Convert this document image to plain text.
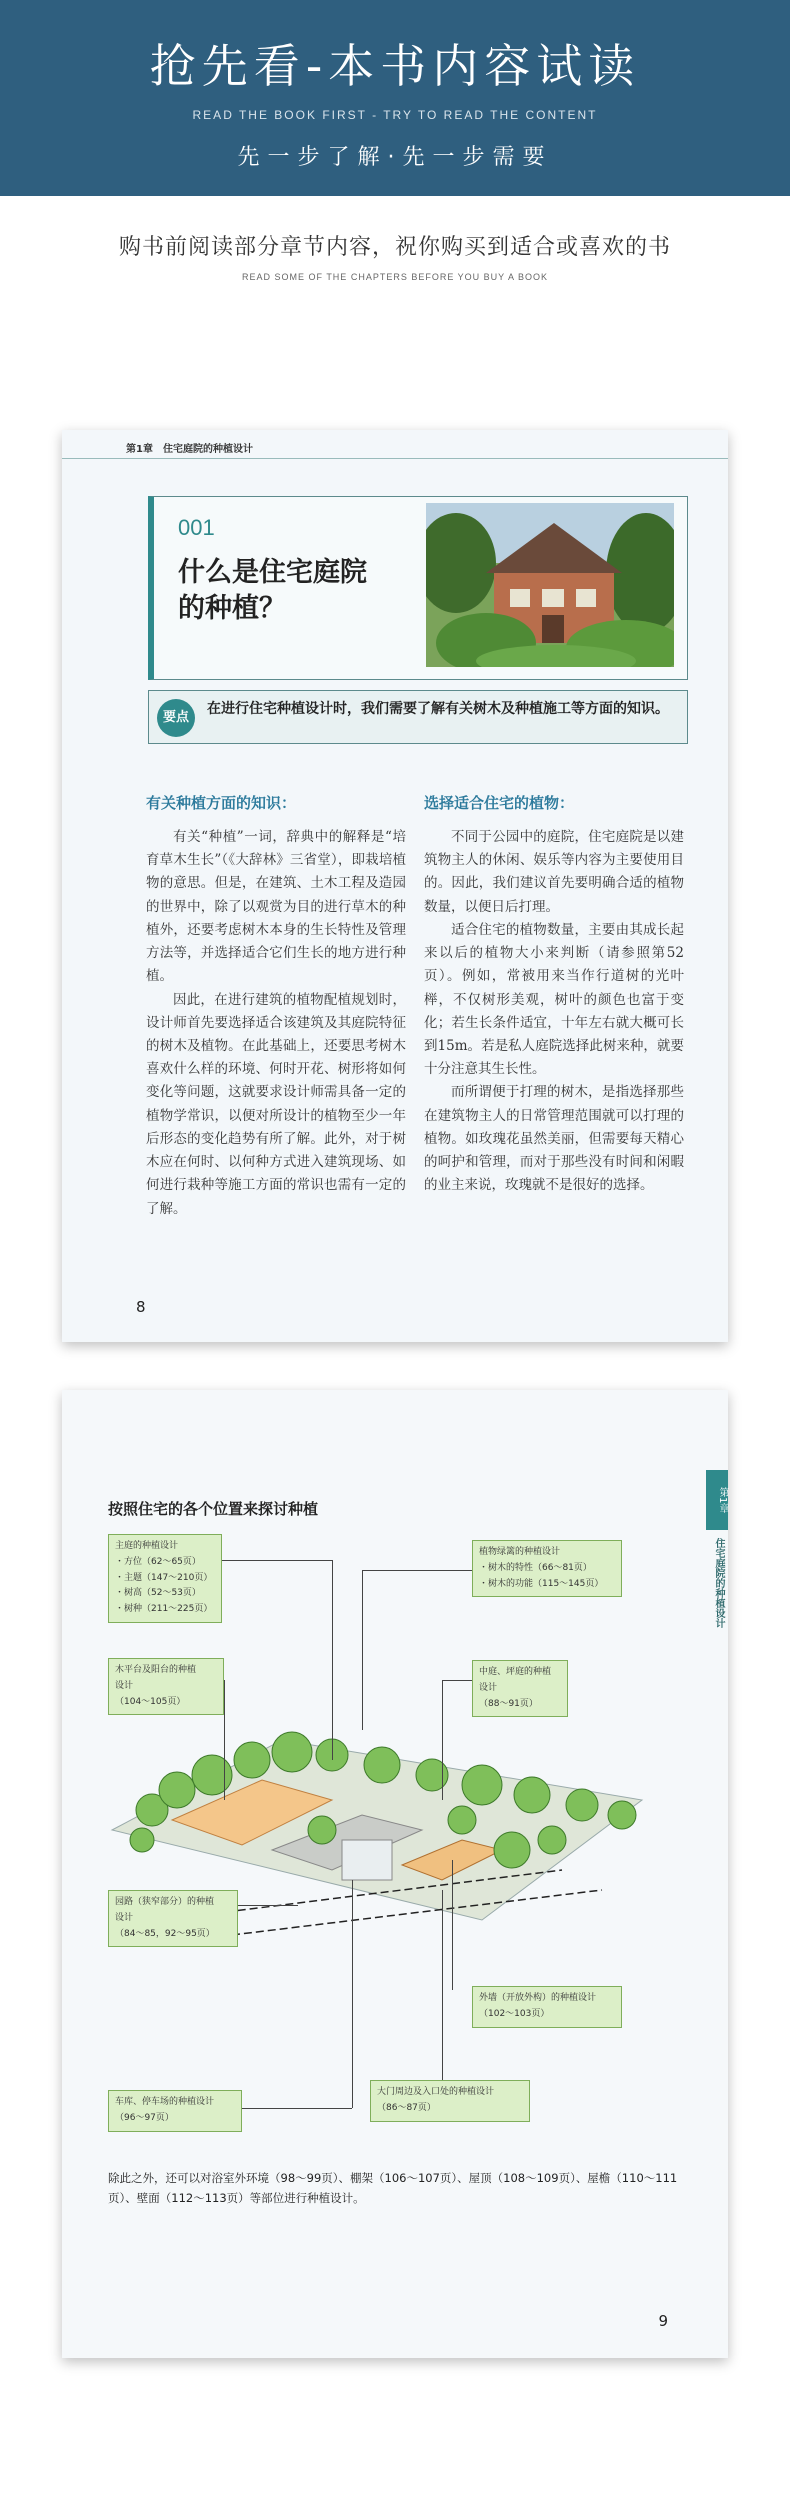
抢先看-本书内容试读
READ THE BOOK FIRST - TRY TO READ THE CONTENT
先一步了解·先一步需要
购书前阅读部分章节内容，祝你购买到适合或喜欢的书
READ SOME OF THE CHAPTERS BEFORE YOU BUY A BOOK
第1章　住宅庭院的种植设计
001
什么是住宅庭院
的种植？
要点
在进行住宅种植设计时，我们需要了解有关树木及种植施工等方面的知识。
有关种植方面的知识：

有关“种植”一词，辞典中的解释是“培育草木生长”（《大辞林》三省堂），即栽培植物的意思。但是，在建筑、土木工程及造园的世界中，除了以观赏为目的进行草木的种植外，还要考虑树木本身的生长特性及管理方法等，并选择适合它们生长的地方进行种植。

因此，在进行建筑的植物配植规划时，设计师首先要选择适合该建筑及其庭院特征的树木及植物。在此基础上，还要思考树木喜欢什么样的环境、何时开花、树形将如何变化等问题，这就要求设计师需具备一定的植物学常识，以便对所设计的植物至少一年后形态的变化趋势有所了解。此外，对于树木应在何时、以何种方式进入建筑现场、如何进行栽种等施工方面的常识也需有一定的了解。

选择适合住宅的植物：

不同于公园中的庭院，住宅庭院是以建筑物主人的休闲、娱乐等内容为主要使用目的。因此，我们建议首先要明确合适的植物数量，以便日后打理。

适合住宅的植物数量，主要由其成长起来以后的植物大小来判断（请参照第52页）。例如，常被用来当作行道树的光叶榉，不仅树形美观，树叶的颜色也富于变化；若生长条件适宜，十年左右就大概可长到15m。若是私人庭院选择此树来种，就要十分注意其生长性。

而所谓便于打理的树木，是指选择那些在建筑物主人的日常管理范围就可以打理的植物。如玫瑰花虽然美丽，但需要每天精心的呵护和管理，而对于那些没有时间和闲暇的业主来说，玫瑰就不是很好的选择。

8
第1章
住宅庭院的种植设计
按照住宅的各个位置来探讨种植
主庭的种植设计
・方位（62～65页）
・主题（147～210页）
・树高（52～53页）
・树种（211～225页）
植物绿篱的种植设计
・树木的特性（66～81页）
・树木的功能（115～145页）
木平台及阳台的种植
设计
（104～105页）
中庭、坪庭的种植
设计
（88～91页）
园路（狭窄部分）的种植
设计
（84～85，92～95页）
外墙（开放外构）的种植设计
（102～103页）
车库、停车场的种植设计
（96～97页）
大门周边及入口处的种植设计
（86～87页）
除此之外，还可以对浴室外环境（98～99页）、棚架（106～107页）、屋顶（108～109页）、屋檐（110～111页）、壁面（112～113页）等部位进行种植设计。
9
